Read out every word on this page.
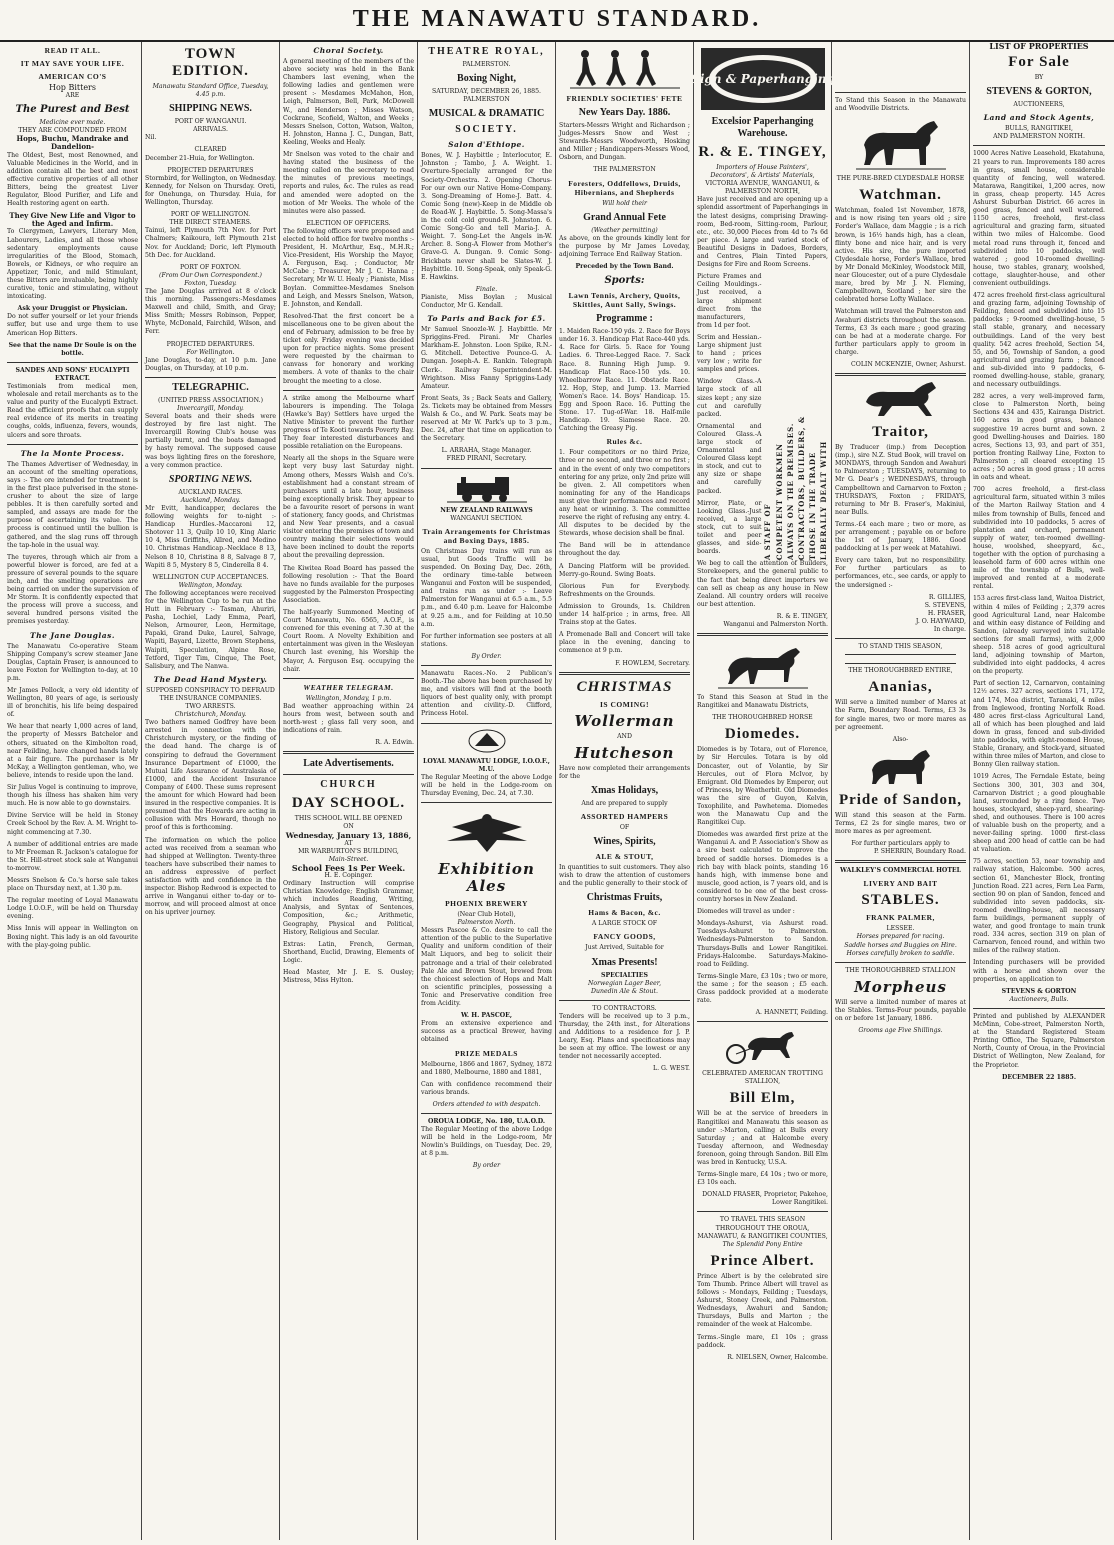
THE MANAWATU STANDARD.
READ IT ALL.
IT MAY SAVE YOUR LIFE.
AMERICAN CO'S
Hop Bitters
ARE
The Purest and Best
Medicine ever made.
THEY ARE COMPOUNDED FROM
Hops, Buchu, Mandrake and Dandelion-

The Oldest, Best, most Renowned, and Valuable Medicines in the World, and in addition contain all the best and most effective curative properties of all other Bitters, being the greatest Liver Regulator, Blood Purifier, and Life and Health restoring agent on earth.

They Give New Life and Vigor to the Aged and Infirm.

To Clergymen, Lawyers, Literary Men, Labourers, Ladies, and all those whose sedentary employments cause irregularities of the Blood, Stomach, Bowels, or Kidneys, or who require an Appetizer, Tonic, and mild Stimulant, these Bitters are invaluable, being highly curative, tonic and stimulating, without intoxicating.

Ask your Druggist or Physician.

Do not suffer yourself or let your friends suffer, but use and urge them to use American Hop Bitters.

See that the name Dr Soule is on the bottle.
SANDES AND SONS' EUCALYPTI EXTRACT.

Testimonials from medical men, wholesale and retail merchants as to the value and purity of the Eucalypti Extract. Read the efficient proofs that can supply real evidence of its merits in treating coughs, colds, influenza, fevers, wounds, ulcers and sore throats.

The la Monte Process.

The Thames Advertiser of Wednesday, in an account of the smelting operations, says :- The ore intended for treatment is in the first place pulverised in the stone-crusher to about the size of large pebbles. It is then carefully sorted and sampled, and assays are made for the purpose of ascertaining its value. The process is continued until the bullion is gathered, and the slag runs off through the tap-hole in the usual way.

The tuyeres, through which air from a powerful blower is forced, are fed at a pressure of several pounds to the square inch, and the smelting operations are being carried on under the supervision of Mr Storm. It is confidently expected that the process will prove a success, and several hundred persons visited the premises yesterday.

The Jane Douglas.

The Manawatu Co-operative Steam Shipping Company's screw steamer Jane Douglas, Captain Fraser, is announced to leave Foxton for Wellington to-day, at 10 p.m.

Mr James Pollock, a very old identity of Wellington, 80 years of age, is seriously ill of bronchitis, his life being despaired of.

We hear that nearly 1,000 acres of land, the property of Messrs Batchelor and others, situated on the Kimbolton road, near Feilding, have changed hands lately at a fair figure. The purchaser is Mr McKay, a Wellington gentleman, who, we believe, intends to reside upon the land.

Sir Julius Vogel is continuing to improve, though his illness has shaken him very much. He is now able to go downstairs.

Divine Service will be held in Stoney Creek School by the Rev. A. M. Wright to-night commencing at 7.30.

A number of additional entries are made to Mr Freeman R. Jackson's catalogue for the St. Hill-street stock sale at Wanganui to-morrow.

Messrs Snelson & Co.'s horse sale takes place on Thursday next, at 1.30 p.m.

The regular meeting of Loyal Manawatu Lodge I.O.O.F., will be held on Thursday evening.

Miss Innis will appear in Wellington on Boxing night. This lady is an old favourite with the play-going public.

TOWN EDITION.
Manawatu Standard Office, Tuesday, 4.45 p.m.
SHIPPING NEWS.
PORT OF WANGANUI.
ARRIVALS.

Nil.

CLEARED

December 21-Huia, for Wellington.

PROJECTED DEPARTURES

Stormbird, for Wellington, on Wednesday. Kennedy, for Nelson on Thursday. Oreti, for Onehunga, on Thursday. Huia, for Wellington, Thursday.

PORT OF WELLINGTON.
THE DIRECT STEAMERS.

Tainui, left Plymouth 7th Nov. for Port Chalmers; Kaikoura, left Plymouth 21st Nov. for Auckland; Doric, left Plymouth 5th Dec. for Auckland.

PORT OF FOXTON.
(From Our Own Correspondent.)
Foxton, Tuesday.

The Jane Douglas arrived at 8 o'clock this morning. Passengers:-Mesdames Maxwell and child, Smith, and Gray; Miss Smith; Messrs Robinson, Pepper, Whyte, McDonald, Fairchild, Wilson, and Ferr.

PROJECTED DEPARTURES.
For Wellington.

Jane Douglas, to-day, at 10 p.m. Jane Douglas, on Thursday, at 10 p.m.

TELEGRAPHIC.
(UNITED PRESS ASSOCIATION.)
Invercargill, Monday.

Several boats and their sheds were destroyed by fire last night. The Invercargill Rowing Club's house was partially burnt, and the boats damaged by hasty removal. The supposed cause was boys lighting fires on the foreshore, a very common practice.

SPORTING NEWS.
AUCKLAND RACES.
Auckland, Monday.

Mr Evitt, handicapper, declares the following weights for to-night :- Handicap Hurdles.-Maccaroni 12, Shotover 11 3, Quilp 10 10, King Alaric 10 4, Miss Griffiths, Allred, and Medino 10. Christmas Handicap.-Necklace 8 13, Nelson 8 10, Christina 8 8, Salvage 8 7, Wapiti 8 5, Mystery 8 5, Cinderella 8 4.

WELLINGTON CUP ACCEPTANCES.
Wellington, Monday.

The following acceptances were received for the Wellington Cup to be run at the Hutt in February :- Tasman, Ahuriri, Pasha, Lochiel, Lady Emma, Pearl, Nelson, Armourer, Leon, Hermitage, Papaki, Grand Duke, Laurel, Salvage, Wapiti, Bayard, Lizette, Brown Stephens, Waipiti, Speculation, Alpine Rose, Tetford, Tiger Tim, Cinque, The Poet, Salisbury, and The Nanwa.

The Dead Hand Mystery.
SUPPOSED CONSPIRACY TO DEFRAUD THE INSURANCE COMPANIES.
TWO ARRESTS.
Christchurch, Monday.

Two bathers named Godfrey have been arrested in connection with the Christchurch mystery, or the finding of the dead hand. The charge is of conspiring to defraud the Government Insurance Department of £1000, the Mutual Life Assurance of Australasia of £1000, and the Accident Insurance Company of £400. These sums represent the amount for which Howard had been insured in the respective companies. It is presumed that the Howards are acting in collusion with Mrs Howard, though no proof of this is forthcoming.

The information on which the police acted was received from a seaman who had shipped at Wellington. Twenty-three teachers have subscribed their names to an address expressive of perfect satisfaction with and confidence in the inspector. Bishop Redwood is expected to arrive in Wanganui either to-day or to-morrow, and will proceed almost at once on his upriver journey.

Choral Society.

A general meeting of the members of the above society was held in the Bank Chambers last evening, when the following ladies and gentlemen were present :- Mesdames McMahon, Hon, Leigh, Palmerson, Bell, Park, McDowell W., and Henderson ; Misses Watson, Cockrane, Scofield, Walton, and Weeks ; Messrs Snelson, Cotton, Watson, Walton, H. Johnston, Hanna J. C., Dungan, Batt, Keeling, Weeks and Healy.

Mr Snelson was voted to the chair and having stated the business of the meeting called on the secretary to read the minutes of previous meetings, reports and rules, &c. The rules as read and amended were adopted on the motion of Mr Weeks. The whole of the minutes were also passed.

ELECTION OF OFFICERS.

The following officers were proposed and elected to hold office for twelve months :- President, H. McArthur, Esq., M.H.R.; Vice-President, His Worship the Mayor, A. Ferguson, Esq. ; Conductor, Mr McCabe ; Treasurer, Mr J. C. Hanna ; Secretary, Mr W. U. Healy ; Pianiste, Miss Boylan. Committee-Mesdames Snelson and Leigh, and Messrs Snelson, Watson, E. Johnston, and Kendall.

Resolved-That the first concert be a miscellaneous one to be given about the end of February, admission to be free by ticket only. Friday evening was decided upon for practice nights. Some present were requested by the chairman to canvass for honorary and working members. A vote of thanks to the chair brought the meeting to a close.

A strike among the Melbourne wharf labourers is impending. The Tolaga (Hawke's Bay) Settlers have urged the Native Minister to prevent the further progress of Te Kooti towards Poverty Bay. They fear interested disturbances and possible retaliation on the Europeans.

Nearly all the shops in the Square were kept very busy last Saturday night. Among others, Messrs Walsh and Co's. establishment had a constant stream of purchasers until a late hour, business being exceptionally brisk. They appear to be a favourite resort of persons in want of stationery, fancy goods, and Christmas and New Year presents, and a casual visitor entering the premises of town and country making their selections would have been inclined to doubt the reports about the prevailing depression.

The Kiwitea Road Board has passed the following resolution :- That the Board have no funds available for the purposes suggested by the Palmerston Prospecting Association.

The half-yearly Summoned Meeting of Court Manawatu, No. 6565, A.O.F., is convened for this evening at 7.30 at the Court Room. A Novelty Exhibition and entertainment was given in the Wesleyan Church last evening, his Worship the Mayor, A. Ferguson Esq. occupying the chair.

WEATHER TELEGRAM.
Wellington, Monday, 1 p.m.

Bad weather approaching within 24 hours from west, between south and north-west ; glass fall very soon, and indications of rain.

R. A. Edwin.
Late Advertisements.
CHURCH
DAY SCHOOL.
THIS SCHOOL WILL BE OPENED
ON
Wednesday, January 13, 1886,
AT
MR WARBURTON'S BUILDING,
Main-Street.
School Fees 1s Per Week.
H. E. Copinger.

Ordinary Instruction will comprise Christian Knowledge; English Grammar, which includes Reading, Writing, Analysis, and Syntax of Sentences, Composition, &c.; Arithmetic, Geography, Physical and Political, History, Religious and Secular.

Extras: Latin, French, German, Shorthand, Euclid, Drawing, Elements of Logic.

Head Master, Mr J. E. S. Ousley; Mistress, Miss Hylton.

THEATRE ROYAL,
PALMERSTON.
Boxing Night,
SATURDAY, DECEMBER 26, 1885.
PALMERSTON
MUSICAL & DRAMATIC
SOCIETY.
Salon d'Ethiope.

Bones, W. J. Haybittle ; Interlocutor, E. Johnston ; Tambo, J. A. Weight. 1. Overture-Specially arranged for the Society-Orchestra. 2. Opening Chorus-For our own our Native Home-Company. 3. Song-Dreaming of Home-J. Batt. 4. Comic Song (new)-Keep in de Middle ob de Road-W. J. Haybittle. 5. Song-Massa's in the cold cold ground-R. Johnston. 6. Comic Song-Go and tell Maria-J. A. Weight. 7. Song-Let the Angels in-W. Archer. 8. Song-A Flower from Mother's Grave-G. A. Dungan. 9. Comic Song-Brickbats never shall be Slates-W. J. Haybittle. 10. Song-Speak, only Speak-G. E. Hawkins.

Finale.

Pianiste, Miss Boylan ; Musical Conductor, Mr G. Kendall.

To Paris and Back for £5.

Mr Samuel Snoozle-W. J. Haybittle. Mr Spriggins-Fred. Pirani. Mr Charles Markham-E. Johnston. Loon Spike, R.N.-G. Mitchell. Detective Pounce-G. A. Dungan. Joseph-A. E. Rankin. Telegraph Clerk-. Railway Superintendent-M. Wrightson. Miss Fanny Spriggins-Lady Amateur.

Front Seats, 3s ; Back Seats and Gallery, 2s. Tickets may be obtained from Messrs Walsh & Co., and W. Park. Seats may be reserved at Mr W. Park's up to 3 p.m., Dec. 24, after that time on application to the Secretary.

L. ARRAHA, Stage Manager.
FRED PIRANI, Secretary.
NEW ZEALAND RAILWAYS
WANGANUI SECTION.
Train Arrangements for Christmas and Boxing Days, 1885.

On Christmas Day trains will run as usual, but Goods Traffic will be suspended. On Boxing Day, Dec. 26th, the ordinary time-table between Wanganui and Foxton will be suspended, and trains run as under :- Leave Palmerston for Wanganui at 6.5 a.m., 5.5 p.m., and 6.40 p.m. Leave for Halcombe at 9.25 a.m., and for Feilding at 10.50 a.m.

For further information see posters at all stations.

By Order.

Manawatu Races.-No. 2 Publican's Booth.-The above has been purchased by me, and visitors will find at the booth liquors of best quality only, with prompt attention and civility.-D. Clifford, Princess Hotel.

LOYAL MANAWATU LODGE, I.O.O.F., M.U.

The Regular Meeting of the above Lodge will be held in the Lodge-room on Thursday Evening, Dec. 24, at 7.30.

Exhibition Ales
PHOENIX BREWERY
(Near Club Hotel),
Palmerston North.

Messrs Pascoe & Co. desire to call the attention of the public to the Superlative Quality and uniform condition of their Malt Liquors, and beg to solicit their patronage and a trial of their celebrated Pale Ale and Brown Stout, brewed from the choicest selection of Hops and Malt on scientific principles, possessing a Tonic and Preservative condition free from Acidity.

W. H. PASCOE,

From an extensive experience and success as a practical Brewer, having obtained

PRIZE MEDALS

Melbourne, 1866 and 1867, Sydney, 1872 and 1880, Melbourne, 1880 and 1881,

Can with confidence recommend their various brands.

Orders attended to with despatch.
OROUA LODGE, No. 180, U.A.O.D.

The Regular Meeting of the above Lodge will be held in the Lodge-room, Mr Nowlin's Buildings, on Tuesday, Dec. 29, at 8 p.m.

By order
FRIENDLY SOCIETIES' FETE
New Years Day. 1886.

Starters-Messrs Wright and Richardson ; Judges-Messrs Snow and West ; Stewards-Messrs Woodworth, Hosking and Miller ; Handicappers-Messrs Wood, Osborn, and Dungan.

THE PALMERSTON
Foresters, Oddfellows, Druids, Hibernians, and Shepherds
Will hold their
Grand Annual Fete
(Weather permitting)

As above, on the grounds kindly lent for the purpose by Mr James Loveday, adjoining Terrace End Railway Station.

Preceded by the Town Band.
Sports:
Lawn Tennis, Archery, Quoits, Skittles, Aunt Sally, Swings.
Programme :

1. Maiden Race-150 yds. 2. Race for Boys under 16. 3. Handicap Flat Race-440 yds. 4. Race for Girls. 5. Race for Young Ladies. 6. Three-Legged Race. 7. Sack Race. 8. Running High Jump. 9. Handicap Flat Race-150 yds. 10. Wheelbarrow Race. 11. Obstacle Race. 12. Hop, Step, and Jump. 13. Married Women's Race. 14. Boys' Handicap. 15. Egg and Spoon Race. 16. Putting the Stone. 17. Tug-of-War. 18. Half-mile Handicap. 19. Siamese Race. 20. Catching the Greasy Pig.

Rules &c.

1. Four competitors or no third Prize, three or no second, and three or no first ; and in the event of only two competitors entering for any prize, only 2nd prize will be given. 2. All competitors when nominating for any of the Handicaps must give their performances and record any heat or winning. 3. The committee reserve the right of refusing any entry. 4. All disputes to be decided by the Stewards, whose decision shall be final.

The Band will be in attendance throughout the day.

A Dancing Platform will be provided. Merry-go-Round. Swing Boats.

Glorious Fun for Everybody. Refreshments on the Grounds.

Admission to Grounds, 1s. Children under 14 half-price ; in arms, free. All Trains stop at the Gates.

A Promenade Ball and Concert will take place in the evening, dancing to commence at 9 p.m.

F. HOWLEM, Secretary.
CHRISTMAS
IS COMING!
Wollerman
AND
Hutcheson

Have now completed their arrangements for the

Xmas Holidays,
And are prepared to supply
ASSORTED HAMPERS
OF
Wines, Spirits,
ALE & STOUT,

In quantities to suit customers. They also wish to draw the attention of customers and the public generally to their stock of

Christmas Fruits,
Hams & Bacon, &c.
A LARGE STOCK OF
FANCY GOODS,
Just Arrived, Suitable for
Xmas Presents!
SPECIALTIES
Norwegian Lager Beer,
Dunedin Ale & Stout.
TO CONTRACTORS.

Tenders will be received up to 3 p.m., Thursday, the 24th inst., for Alterations and Additions to a residence for J. P. Leary, Esq. Plans and specifications may be seen at my office. The lowest or any tender not necessarily accepted.

L. G. WEST.
Sign & Paperhanging
Excelsior Paperhanging Warehouse.
R. & E. TINGEY,
Importers of House Painters', Decorators', & Artists' Materials,
VICTORIA AVENUE, WANGANUI, & PALMERSTON NORTH,

Have just received and are opening up a splendid assortment of Paperhangings in the latest designs, comprising Drawing-room, Bed-room, Sitting-room, Parlour, etc., etc. 30,000 Pieces from 4d to 7s 6d per piece. A large and varied stock of Beautiful Designs in Dadoes, Borders, and Centres, Plain Tinted Papers, Designs for Fire and Room Screens.

Picture Frames and Ceiling Mouldings.-Just received, a large shipment direct from the manufacturers, from 1d per foot.

Scrim and Hessian.-Large shipment just to hand ; prices very low ; write for samples and prices.

Window Glass.-A large stock of all sizes kept ; any size cut and carefully packed.

Ornamental and Coloured Glass.-A large stock of Ornamental and Coloured Glass kept in stock, and cut to any size or shape and carefully packed.

Mirror, Plate, or Looking Glass.-Just received, a large stock, cut to suit toilet and peer glasses, and side-boards.	A STAFF OF COMPETENT WORKMEN ALWAYS ON THE PREMISES. CONTRACTORS, BUILDERS, & THOSE IN THE TRADE LIBERALLY DEALT WITH

We beg to call the attention of Builders, Storekeepers, and the general public to the fact that being direct importers we can sell as cheap as any house in New Zealand. All country orders will receive our best attention.

R. & E. TINGEY,
Wanganui and Palmerston North.

To Stand this Season at Stud in the Rangitikei and Manawatu Districts,

THE THOROUGHBRED HORSE
Diomedes.

Diomedes is by Totara, out of Florence, by Sir Hercules. Totara is by old Doncaster, out of Volantie, by Sir Hercules, out of Flora McIvor, by Emigrant. Old Diomedes by Emperor, out of Princess, by Weatherbit. Old Diomedes was the sire of Guyon, Kelvin, Toxophilite, and Pawhetema. Diomedes won the Manawatu Cup and the Rangitikei Cup.

Diomedes was awarded first prize at the Wanganui A. and P. Association's Show as a sire best calculated to improve the breed of saddle horses. Diomedes is a rich bay with black points, standing 16 hands high, with immense bone and muscle, good action, is 7 years old, and is considered to be one of the best cross-country horses in New Zealand.

Diomedes will travel as under :

Mondays-Ashurst, via Ashurst road. Tuesdays-Ashurst to Palmerston. Wednesdays-Palmerston to Sandon. Thursdays-Bulls and Lower Rangitikei. Fridays-Halcombe. Saturdays-Makino-road to Feilding.

Terms-Single Mare, £3 10s ; two or more, the same ; for the season ; £5 each. Grass paddock provided at a moderate rate.

A. HANNETT, Feilding.
CELEBRATED AMERICAN TROTTING STALLION,
Bill Elm,

Will be at the service of breeders in Rangitikei and Manawatu this season as under :-Marton, calling at Bulls every Saturday ; and at Halcombe every Tuesday afternoon, and Wednesday forenoon, going through Sandon. Bill Elm was bred in Kentucky, U.S.A.

Terms-Single mare, £4 10s ; two or more, £3 10s each.

DONALD FRASER, Proprietor, Pakehoe, Lower Rangitikei.
TO TRAVEL THIS SEASON THROUGHOUT THE OROUA, MANAWATU, & RANGITIKEI COUNTIES,
The Splendid Pony Entire
Prince Albert.

Prince Albert is by the celebrated sire Tom Thumb. Prince Albert will travel as follows :- Mondays, Feilding ; Tuesdays, Ashurst, Stoney Creek, and Palmerston. Wednesdays, Awahuri and Sandon; Thursdays, Bulls and Marton ; the remainder of the week at Halcombe.

Terms.-Single mare, £1 10s ; grass paddock.

R. NIELSEN, Owner, Halcombe.

To Stand this Season in the Manawatu and Woodville Districts.

THE PURE-BRED CLYDESDALE HORSE
Watchman.

Watchman, foaled 1st November, 1878, and is now rising ten years old ; sire Forder's Wallace, dam Maggie ; is a rich brown, is 16½ hands high, has a clean, flinty bone and nice hair, and is very active. His sire, the pure imported Clydesdale horse, Forder's Wallace, bred by Mr Donald McKinley, Woodstock Mill, near Gloucester, out of a pure Clydesdale mare, bred by Mr J. N. Fleming, Campbelltown, Scotland ; her sire the celebrated horse Lofty Wallace.

Watchman will travel the Palmerston and Awahuri districts throughout the season. Terms, £3 3s each mare ; good grazing can be had at a moderate charge. For further particulars apply to groom in charge.

COLIN MCKENZIE, Owner, Ashurst.
Traitor,

By Traducer (imp.) from Deception (imp.), sire N.Z. Stud Book, will travel on MONDAYS, through Sandon and Awahuri to Palmerston ; TUESDAYS, returning to Mr G. Dear's ; WEDNESDAYS, through Campbelltown and Carnarvon to Foxton ; THURSDAYS, Foxton ; FRIDAYS, returning to Mr B. Fraser's, Makiniui, near Bulls.

Terms.-£4 each mare ; two or more, as per arrangement ; payable on or before the 1st of January, 1886. Good paddocking at 1s per week at Matahiwi.

Every care taken, but no responsibility. For further particulars as to performances, etc., see cards, or apply to the undersigned :-

R. GILLIES,
S. STEVENS,
H. FRASER,
J. O. HAYWARD,
In charge.
TO STAND THIS SEASON,
THE THOROUGHBRED ENTIRE,
Ananias,

Will serve a limited number of Mares at the Farm, Boundary Road. Terms, £3 3s for single mares, two or more mares as per agreement.

Also-
Pride of Sandon,

Will stand this season at the Farm. Terms, £2 2s for single mares, two or more mares as per agreement.

For further particulars apply to
P. SHERRIN, Boundary Road.
WALKLEY'S COMMERCIAL HOTEL
LIVERY AND BAIT
STABLES.
FRANK PALMER,
LESSEE.
Horses prepared for racing.
Saddle horses and Buggies on Hire.
Horses carefully broken to saddle.
THE THOROUGHBRED STALLION
Morpheus

Will serve a limited number of mares at the Stables. Terms-Four pounds, payable on or before 1st January, 1886.

Grooms age Five Shillings.
LIST OF PROPERTIES
For Sale
BY
STEVENS & GORTON,
AUCTIONEERS,
Land and Stock Agents,
BULLS, RANGITIKEI,
AND PALMERSTON NORTH.

1000 Acres Native Leasehold, Ekatahuna, 21 years to run. Improvements 180 acres in grass, small house, considerable quantity of fencing, well watered. Matarawa, Rangitikei, 1,200 acres, now in grass, cheap property. 145 Acres Ashurst Suburban District. 66 acres in good grass, fenced and well watered. 1150 acres, freehold, first-class agricultural and grazing farm, situated within two miles of Halcombe. Good metal road runs through it, fenced and subdivided into 10 paddocks, well watered ; good 10-roomed dwelling-house, two stables, granary, woolshed, cottage, slaughter-house, and other convenient outbuildings.

472 acres freehold first-class agricultural and grazing farm, adjoining Township of Feilding, fenced and subdivided into 15 paddocks ; 9-roomed dwelling-house, 5 stall stable, granary, and necessary outbuildings. Land of the very best quality. 542 acres freehold, Section 54, 55, and 56, Township of Sandon, a good agricultural and grazing farm ; fenced and sub-divided into 9 paddocks, 6-roomed dwelling-house, stable, granary, and necessary outbuildings.

282 acres, a very well-improved farm, close to Palmerston North, being Sections 434 and 435, Kairanga District. 160 acres in good grass, balance suggestive 19 acres burnt and sown. 2 good Dwelling-houses and Dairies. 180 acres, Sections 13, 93, and part of 351, portion fronting Railway Line, Foxton to Palmerston ; all cleared excepting 15 acres ; 50 acres in good grass ; 10 acres in oats and wheat.

700 acres freehold, a first-class agricultural farm, situated within 3 miles of the Marton Railway Station and 4 miles from township of Bulls, fenced and subdivided into 10 paddocks, 5 acres of plantation and orchard, permanent supply of water, ten-roomed dwelling-house, woolshed, sheepyard, &c., together with the option of purchasing a leasehold farm of 600 acres within one mile of the township of Bulls, well-improved and rented at a moderate rental.

153 acres first-class land, Waitoa District, within 4 miles of Feilding ; 2,379 acres good Agricultural Land, near Halcombe and within easy distance of Feilding and Sandon, (already surveyed into suitable sections for small farms), with 2,000 sheep. 518 acres of good agricultural land, adjoining township of Marton, subdivided into eight paddocks, 4 acres on the property.

Part of section 12, Carnarvon, containing 12½ acres. 327 acres, sections 171, 172, and 174, Moa district, Taranaki, 4 miles from Inglewood, fronting Norfolk Road. 480 acres first-class Agricultural Land, all of which has been ploughed and laid down in grass, fenced and sub-divided into paddocks, with eight-roomed House, Stable, Granary, and Stock-yard, situated within three miles of Marton, and close to Bonny Glen railway station.

1019 Acres, The Ferndale Estate, being Sections 300, 301, 303 and 304, Carnarvon District ; a good ploughable land, surrounded by a ring fence. Two houses, stockyard, sheep-yard, shearing-shed, and outhouses. There is 100 acres of valuable bush on the property, and a never-failing spring. 1000 first-class sheep and 200 head of cattle can be had at valuation.

75 acres, section 53, near township and railway station, Halcombe. 500 acres, section 61, Manchester Block, fronting Junction Road. 221 acres, Fern Lea Farm, section 90 on plan of Sandon, fenced and subdivided into seven paddocks, six-roomed dwelling-house, all necessary farm buildings, permanent supply of water, and good frontage to main trunk road. 334 acres, section 319 on plan of Carnarvon, fenced round, and within two miles of the railway station.

Intending purchasers will be provided with a horse and shown over the properties, on application to

STEVENS & GORTON
Auctioneers, Bulls.

Printed and published by ALEXANDER McMinn, Cobe-street, Palmerston North, at the Standard Registered Steam Printing Office, The Square, Palmerston North, County of Oroua, in the Provincial District of Wellington, New Zealand, for the Proprietor.

DECEMBER 22 1885.
